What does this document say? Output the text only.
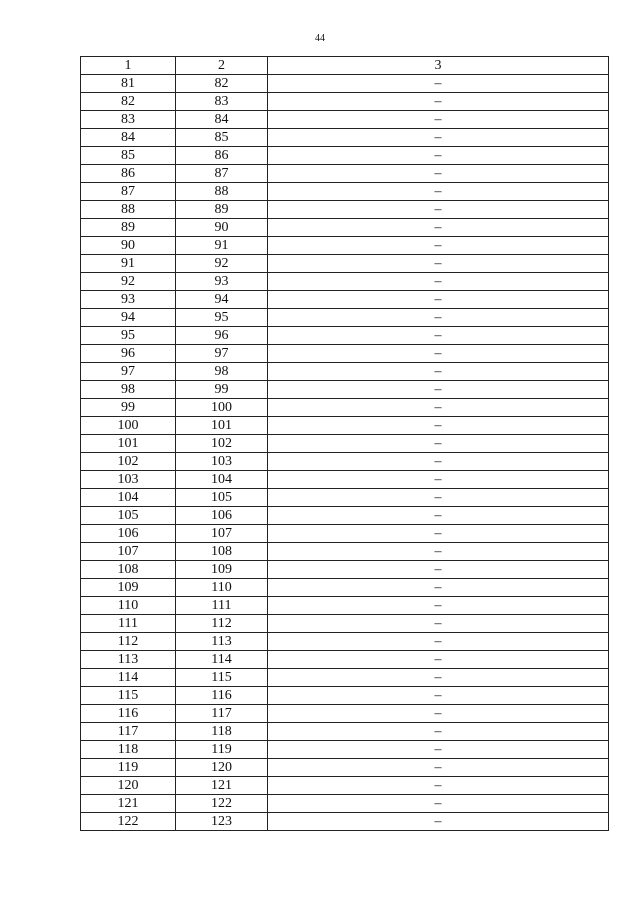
44
1	2	3
81	82	–
82	83	–
83	84	–
84	85	–
85	86	–
86	87	–
87	88	–
88	89	–
89	90	–
90	91	–
91	92	–
92	93	–
93	94	–
94	95	–
95	96	–
96	97	–
97	98	–
98	99	–
99	100	–
100	101	–
101	102	–
102	103	–
103	104	–
104	105	–
105	106	–
106	107	–
107	108	–
108	109	–
109	110	–
110	111	–
111	112	–
112	113	–
113	114	–
114	115	–
115	116	–
116	117	–
117	118	–
118	119	–
119	120	–
120	121	–
121	122	–
122	123	–
